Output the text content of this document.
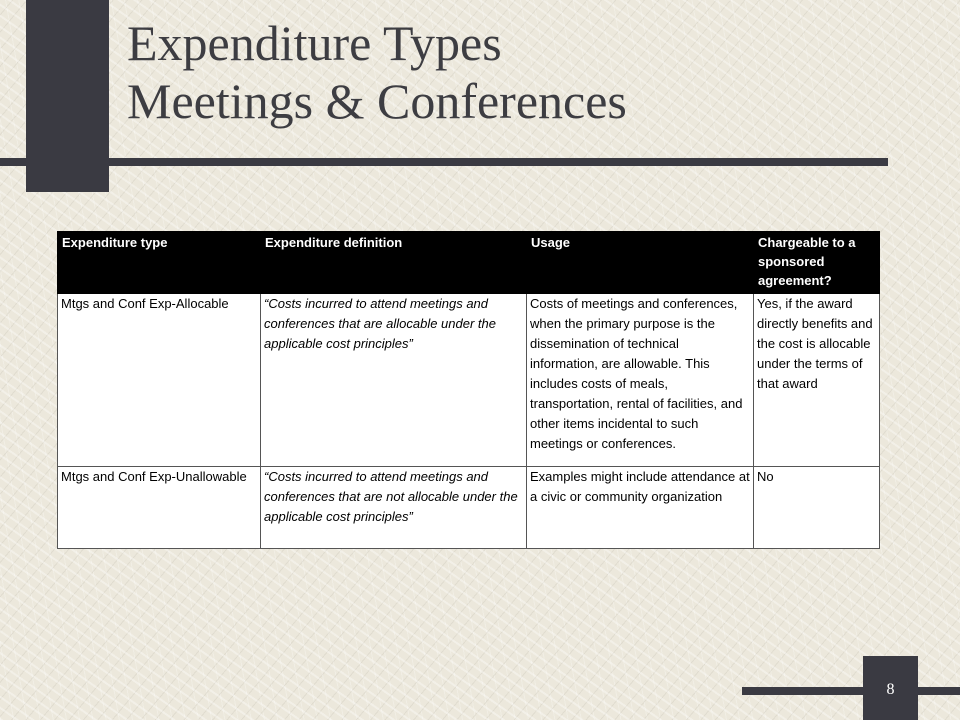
Expenditure Types
Meetings & Conferences
Expenditure type	Expenditure definition	Usage	Chargeable to a sponsored agreement?
Mtgs and Conf Exp-Allocable	“Costs incurred to attend meetings and conferences that are allocable under the applicable cost principles”	Costs of meetings and conferences, when the primary purpose is the dissemination of technical information, are allowable. This includes costs of meals, transportation, rental of facilities, and other items incidental to such meetings or conferences.	Yes, if the award directly benefits and the cost is allocable under the terms of that award
Mtgs and Conf Exp-Unallowable	“Costs incurred to attend meetings and conferences that are not allocable under the applicable cost principles”	Examples might include attendance at a civic or community organization	No
8
